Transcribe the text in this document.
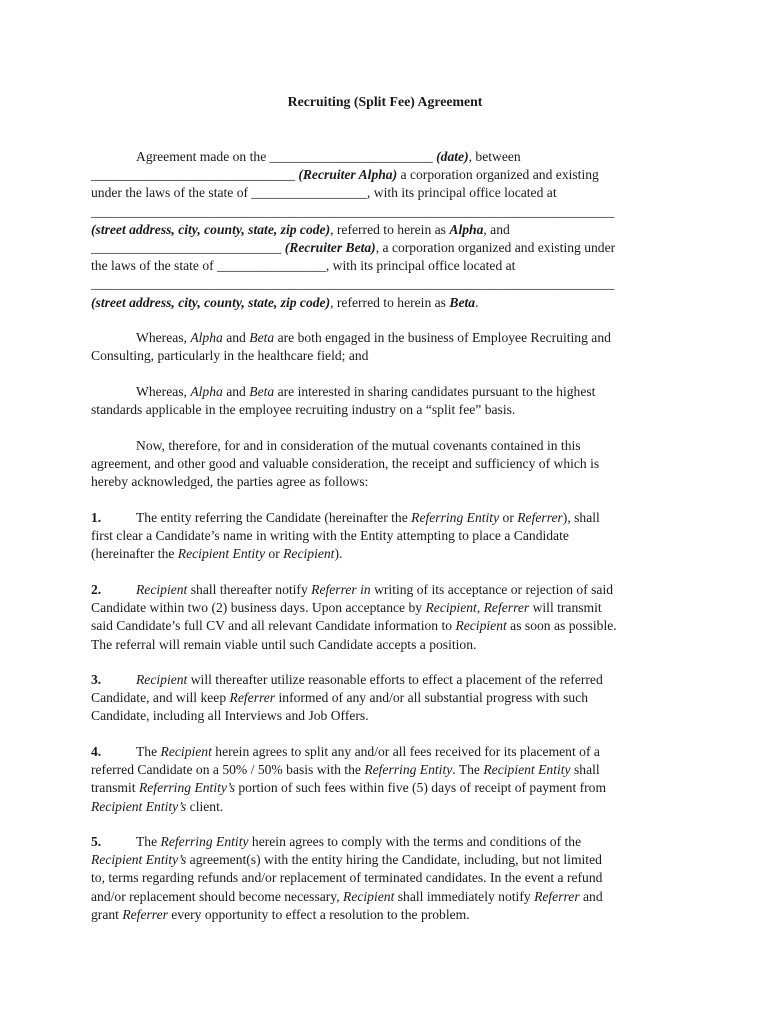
Recruiting (Split Fee) Agreement
Agreement made on the ________________________ (date), between
______________________________ (Recruiter Alpha) a corporation organized and existing
under the laws of the state of _________________, with its principal office located at
_____________________________________________________________________________
(street address, city, county, state, zip code), referred to herein as Alpha, and
____________________________ (Recruiter Beta), a corporation organized and existing under
the laws of the state of ________________, with its principal office located at
_____________________________________________________________________________
(street address, city, county, state, zip code), referred to herein as Beta.
Whereas, Alpha and Beta are both engaged in the business of Employee Recruiting and
Consulting, particularly in the healthcare field; and
Whereas, Alpha and Beta are interested in sharing candidates pursuant to the highest
standards applicable in the employee recruiting industry on a “split fee” basis.
Now, therefore, for and in consideration of the mutual covenants contained in this
agreement, and other good and valuable consideration, the receipt and sufficiency of which is
hereby acknowledged, the parties agree as follows:
1.	The entity referring the Candidate (hereinafter the Referring Entity or Referrer), shall
first clear a Candidate’s name in writing with the Entity attempting to place a Candidate
(hereinafter the Recipient Entity or Recipient).
2.	Recipient shall thereafter notify Referrer in writing of its acceptance or rejection of said
Candidate within two (2) business days. Upon acceptance by Recipient, Referrer will transmit
said Candidate’s full CV and all relevant Candidate information to Recipient as soon as possible.
The referral will remain viable until such Candidate accepts a position.
3.	Recipient will thereafter utilize reasonable efforts to effect a placement of the referred
Candidate, and will keep Referrer informed of any and/or all substantial progress with such
Candidate, including all Interviews and Job Offers.
4.	The Recipient herein agrees to split any and/or all fees received for its placement of a
referred Candidate on a 50% / 50% basis with the Referring Entity. The Recipient Entity shall
transmit Referring Entity’s portion of such fees within five (5) days of receipt of payment from
Recipient Entity’s client.
5.	The Referring Entity herein agrees to comply with the terms and conditions of the
Recipient Entity’s agreement(s) with the entity hiring the Candidate, including, but not limited
to, terms regarding refunds and/or replacement of terminated candidates. In the event a refund
and/or replacement should become necessary, Recipient shall immediately notify Referrer and
grant Referrer every opportunity to effect a resolution to the problem.
